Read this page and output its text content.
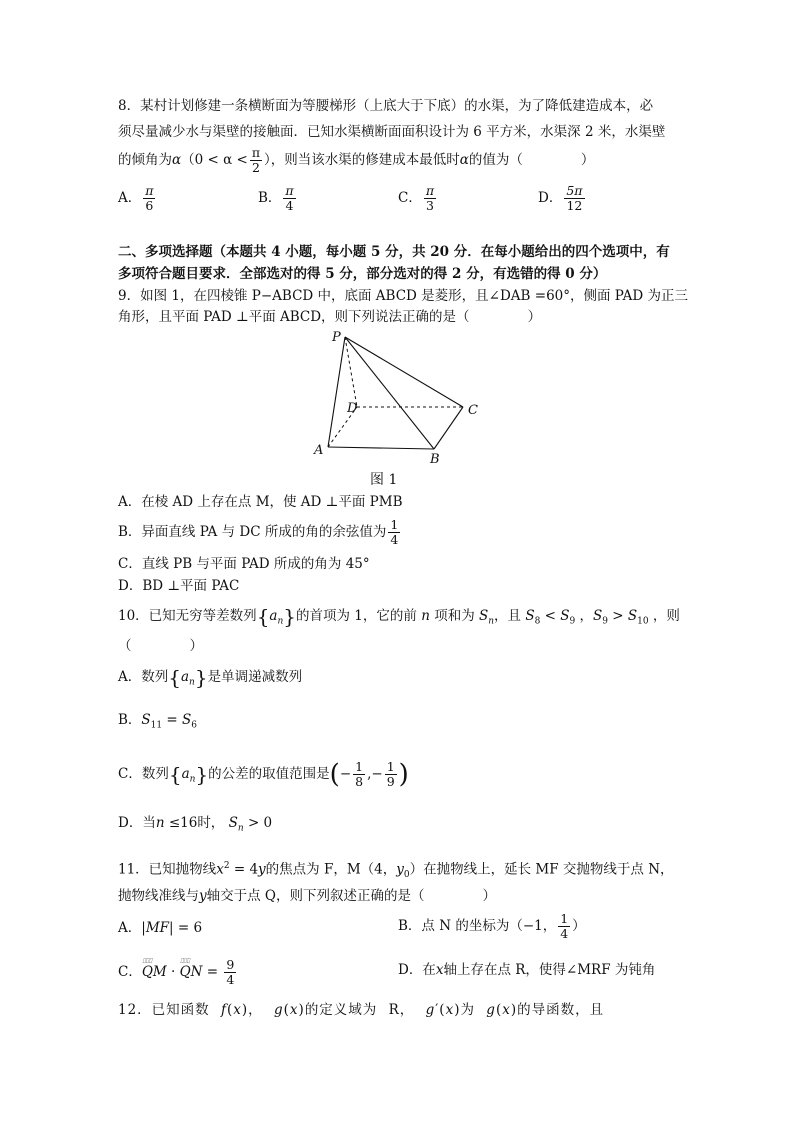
8．某村计划修建一条横断面为等腰梯形（上底大于下底）的水渠，为了降低建造成本，必
须尽量减少水与渠壁的接触面．已知水渠横断面面积设计为 6 平方米，水渠深 2 米，水渠壁
的倾角为$\alpha(0 < \alpha < \frac{\pi}{2}$ ），则当该水渠的修建成本最低时α的值为（	）
A． $\frac{\pi}{6}$	B． $\frac{\pi}{4}$	C． $\frac{\pi}{3}$	D． $\frac{5\pi}{12}$
二、多项选择题（本题共 4 小题，每小题 5 分，共 20 分．在每小题给出的四个选项中，有
多项符合题目要求．全部选对的得 5 分，部分选对的得 2 分，有选错的得 0 分）
9．如图 1，在四棱锥 P−ABCD 中，底面 ABCD 是菱形，且∠DAB =60°，侧面 PAD 为正三
角形，且平面 PAD ⊥平面 ABCD，则下列说法正确的是（	）
P
D	C
A
B
图 1
A．在棱 AD 上存在点 M，使 AD ⊥平面 PMB
B．异面直线 PA 与 DC 所成的角的余弦值为 $\frac{1}{4}$
C．直线 PB 与平面 PAD 所成的角为 45°
D．BD ⊥平面 PAC
10．已知无穷等差数列$\{a_n\}$的首项为 1，它的前 n 项和为 $S_n$，且 $S_8 < S_9$ ，$S_9 > S_{10}$ ，则
（	）
A．数列$\{a_n\}$是单调递减数列
B．$S_{11} = S_6$
C．数列$\{a_n\}$的公差的取值范围是(− $\frac{1}{8}$ ,− $\frac{1}{9}$ )
D．当n ≤16时， $S_n > 0$
11．已知抛物线$x^2 = 4y$的焦点为 F，M（4，$y_0$）在抛物线上，延长 MF 交抛物线于点 N，
抛物线准线与y轴交于点 Q，则下列叙述正确的是（	）
A．|MF| = 6	B．点 N 的坐标为（−1， $\frac{1}{4}$ ）
C．⌷⌷⌷ QM · ⌷⌷⌷ QN = $\frac{9}{4}$	D．在x轴上存在点 R，使得∠MRF 为钝角
12．已知函数 f(x)， g(x)的定义域为 R， g′(x)为 g(x)的导函数，且
